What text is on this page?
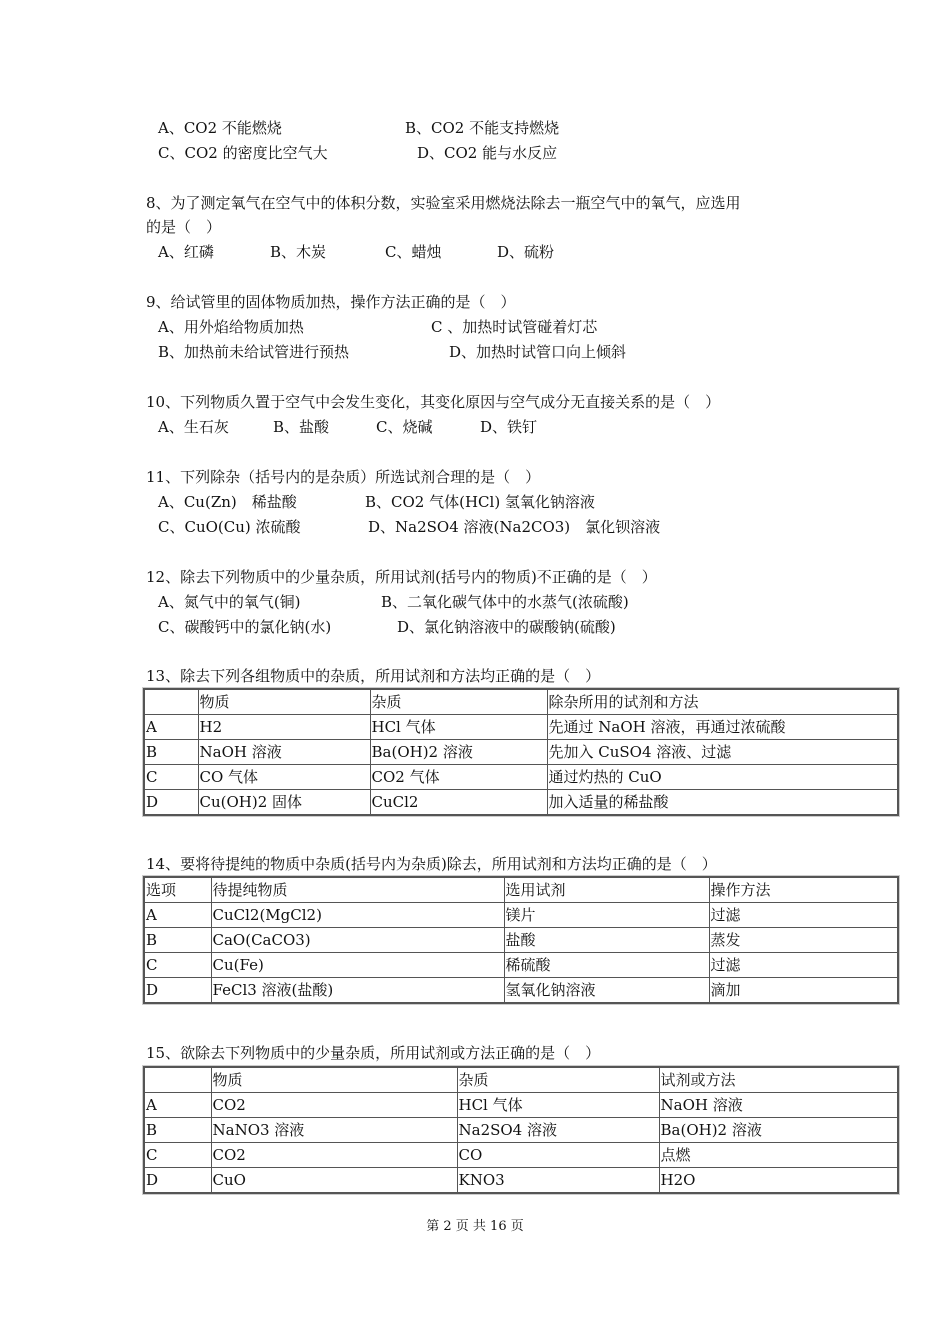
A、CO2 不能燃烧	B、CO2 不能支持燃烧
C、CO2 的密度比空气大	D、CO2 能与水反应
8、为了测定氧气在空气中的体积分数，实验室采用燃烧法除去一瓶空气中的氧气，应选用
的是（　）
A、红磷	B、木炭	C、蜡烛	D、硫粉
9、给试管里的固体物质加热，操作方法正确的是（　）
A、用外焰给物质加热	C 、加热时试管碰着灯芯
B、加热前未给试管进行预热	D、加热时试管口向上倾斜
10、下列物质久置于空气中会发生变化，其变化原因与空气成分无直接关系的是（　）
A、生石灰	B、盐酸	C、烧碱	D、铁钉
11、下列除杂（括号内的是杂质）所选试剂合理的是（　）
A、Cu(Zn)　稀盐酸	B、CO2 气体(HCl) 氢氧化钠溶液
C、CuO(Cu) 浓硫酸	D、Na2SO4 溶液(Na2CO3)　氯化钡溶液
12、除去下列物质中的少量杂质，所用试剂(括号内的物质)不正确的是（　）
A、氮气中的氧气(铜)	B、二氧化碳气体中的水蒸气(浓硫酸)
C、碳酸钙中的氯化钠(水)	D、氯化钠溶液中的碳酸钠(硫酸)
13、除去下列各组物质中的杂质，所用试剂和方法均正确的是（　）
	物质	杂质	除杂所用的试剂和方法
A	H2	HCl 气体	先通过 NaOH 溶液，再通过浓硫酸
B	NaOH 溶液	Ba(OH)2 溶液	先加入 CuSO4 溶液、过滤
C	CO 气体	CO2 气体	通过灼热的 CuO
D	Cu(OH)2 固体	CuCl2	加入适量的稀盐酸
14、要将待提纯的物质中杂质(括号内为杂质)除去，所用试剂和方法均正确的是（　）
选项	待提纯物质	选用试剂	操作方法
A	CuCl2(MgCl2)	镁片	过滤
B	CaO(CaCO3)	盐酸	蒸发
C	Cu(Fe)	稀硫酸	过滤
D	FeCl3 溶液(盐酸)	氢氧化钠溶液	滴加
15、欲除去下列物质中的少量杂质，所用试剂或方法正确的是（　）
	物质	杂质	试剂或方法
A	CO2	HCl 气体	NaOH 溶液
B	NaNO3 溶液	Na2SO4 溶液	Ba(OH)2 溶液
C	CO2	CO	点燃
D	CuO	KNO3	H2O
第 2 页 共 16 页
